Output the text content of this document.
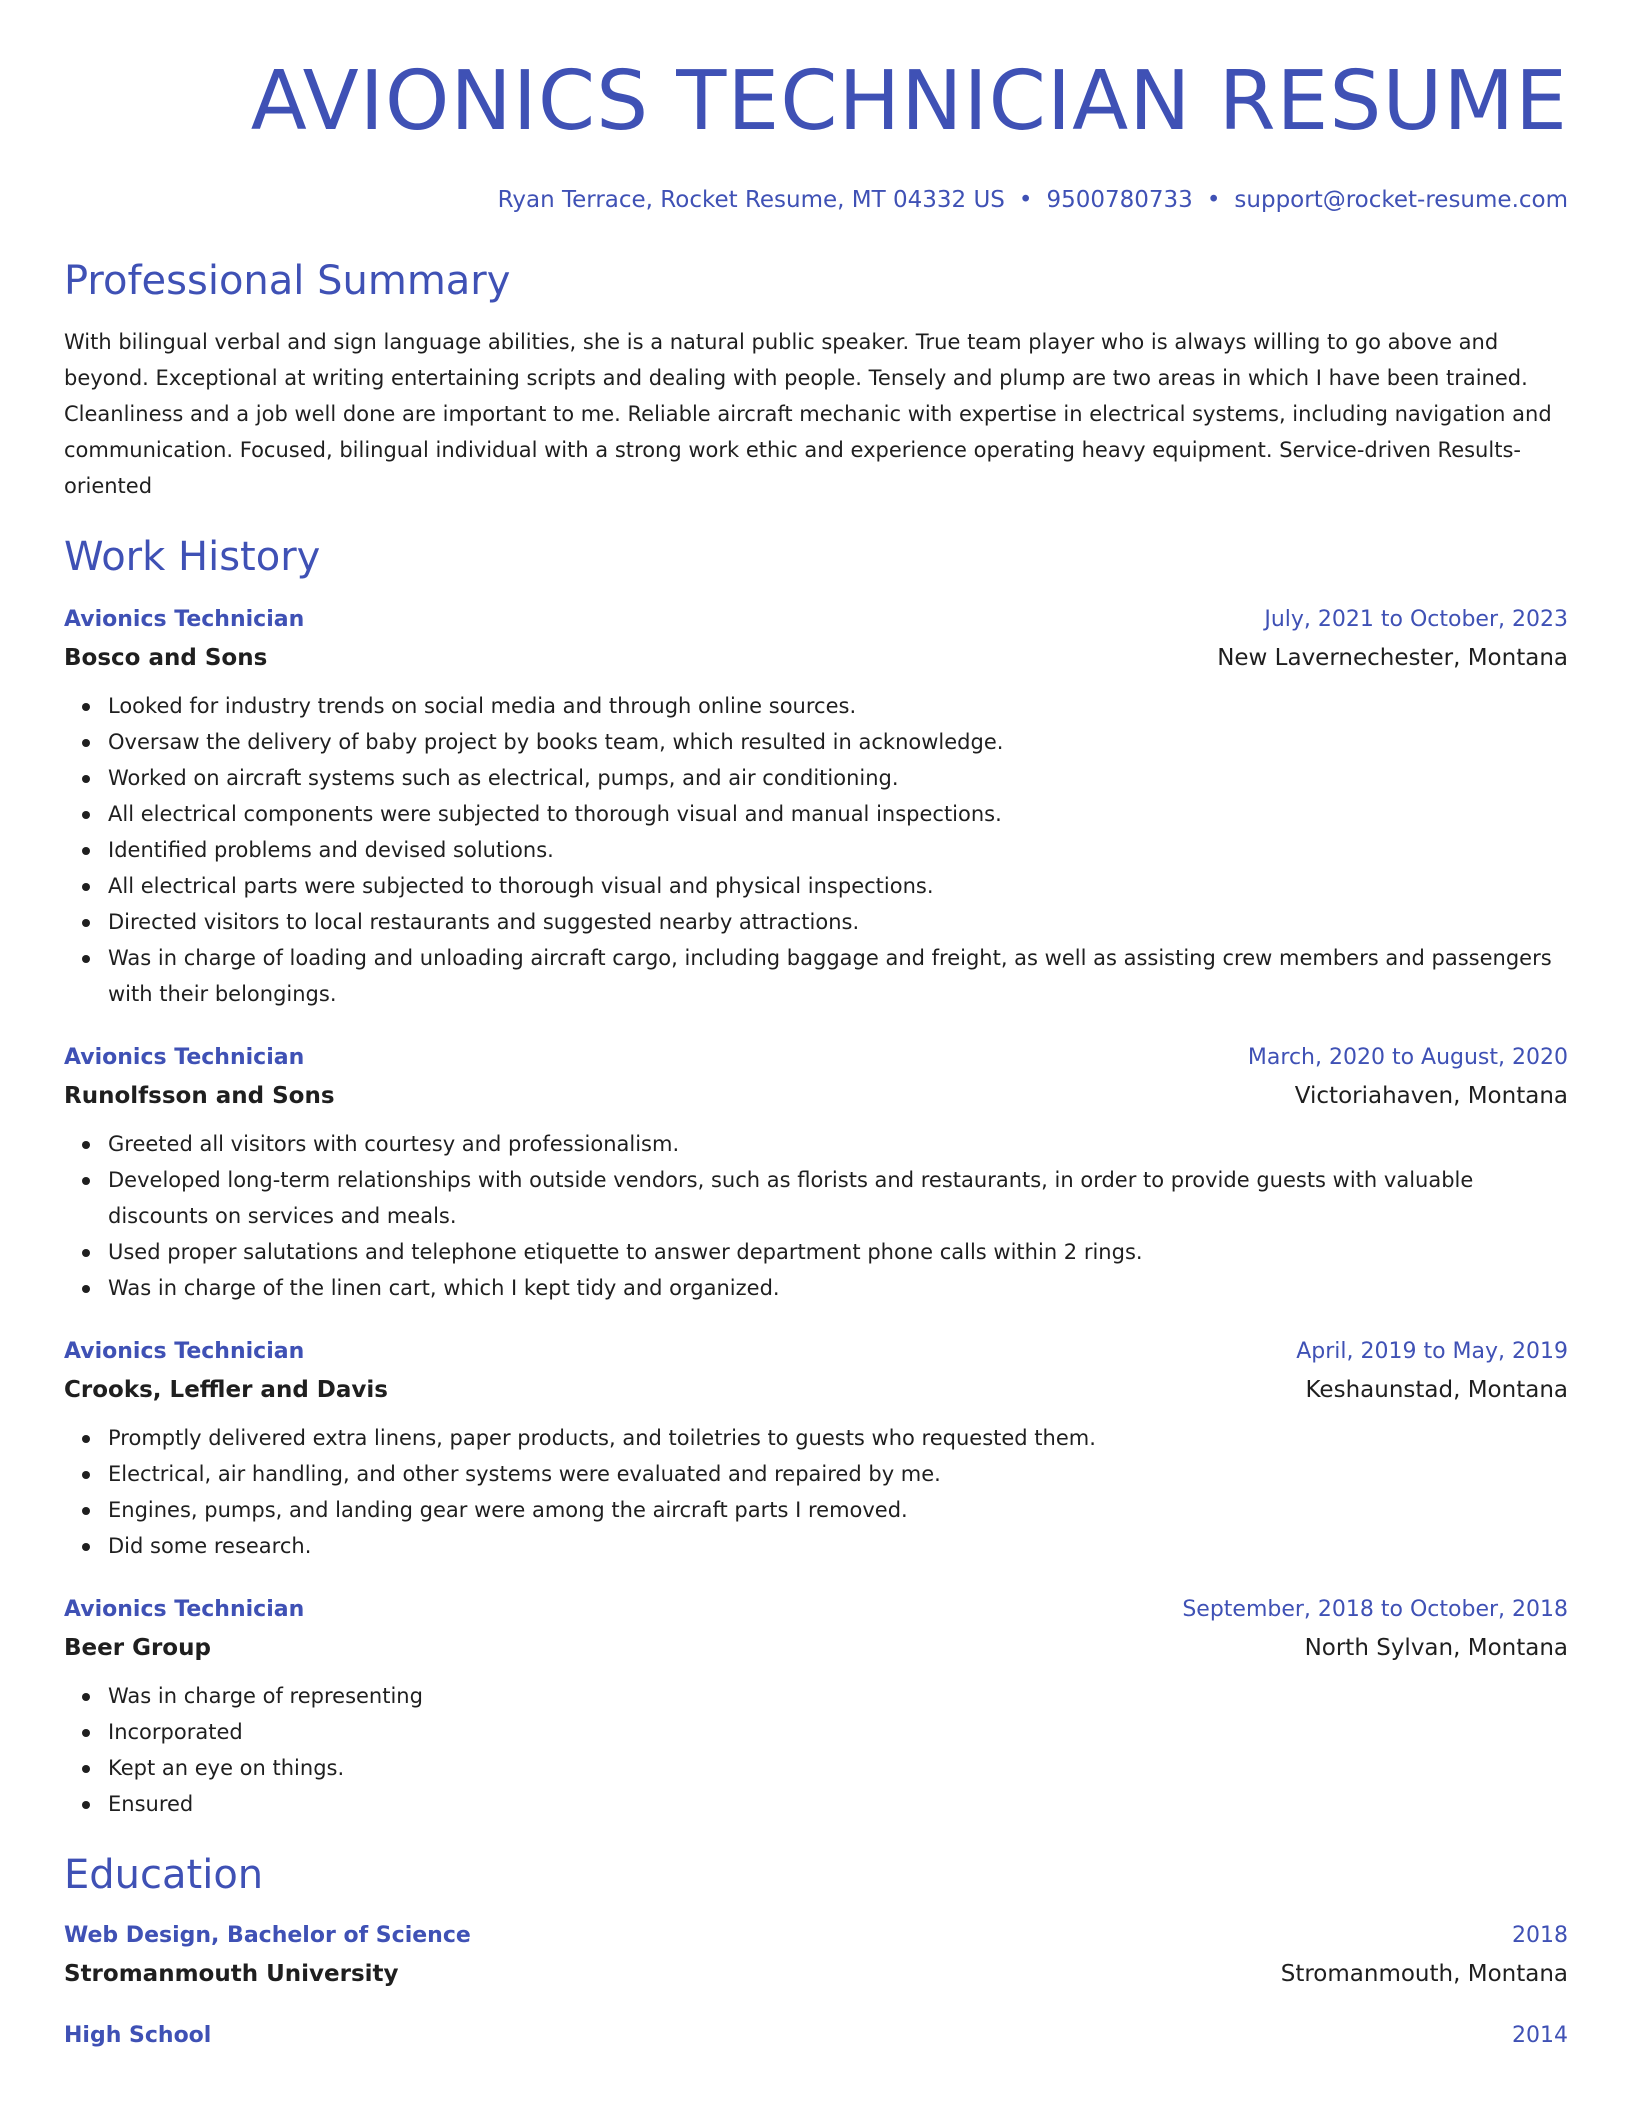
AVIONICS TECHNICIAN RESUME
Ryan Terrace, Rocket Resume, MT 04332 US • 9500780733 • support@rocket-resume.com
Professional Summary

With bilingual verbal and sign language abilities, she is a natural public speaker. True team player who is always willing to go above and beyond. Exceptional at writing entertaining scripts and dealing with people. Tensely and plump are two areas in which I have been trained. Cleanliness and a job well done are important to me. Reliable aircraft mechanic with expertise in electrical systems, including navigation and communication. Focused, bilingual individual with a strong work ethic and experience operating heavy equipment. Service-driven Results-oriented

Work History
Avionics Technician	July, 2021 to October, 2023
Bosco and Sons	New Lavernechester, Montana
Looked for industry trends on social media and through online sources.
Oversaw the delivery of baby project by books team, which resulted in acknowledge.
Worked on aircraft systems such as electrical, pumps, and air conditioning.
All electrical components were subjected to thorough visual and manual inspections.
Identified problems and devised solutions.
All electrical parts were subjected to thorough visual and physical inspections.
Directed visitors to local restaurants and suggested nearby attractions.
Was in charge of loading and unloading aircraft cargo, including baggage and freight, as well as assisting crew members and passengers with their belongings.
Avionics Technician	March, 2020 to August, 2020
Runolfsson and Sons	Victoriahaven, Montana
Greeted all visitors with courtesy and professionalism.
Developed long-term relationships with outside vendors, such as florists and restaurants, in order to provide guests with valuable discounts on services and meals.
Used proper salutations and telephone etiquette to answer department phone calls within 2 rings.
Was in charge of the linen cart, which I kept tidy and organized.
Avionics Technician	April, 2019 to May, 2019
Crooks, Leffler and Davis	Keshaunstad, Montana
Promptly delivered extra linens, paper products, and toiletries to guests who requested them.
Electrical, air handling, and other systems were evaluated and repaired by me.
Engines, pumps, and landing gear were among the aircraft parts I removed.
Did some research.
Avionics Technician	September, 2018 to October, 2018
Beer Group	North Sylvan, Montana
Was in charge of representing
Incorporated
Kept an eye on things.
Ensured
Education
Web Design, Bachelor of Science	2018
Stromanmouth University	Stromanmouth, Montana
High School	2014
